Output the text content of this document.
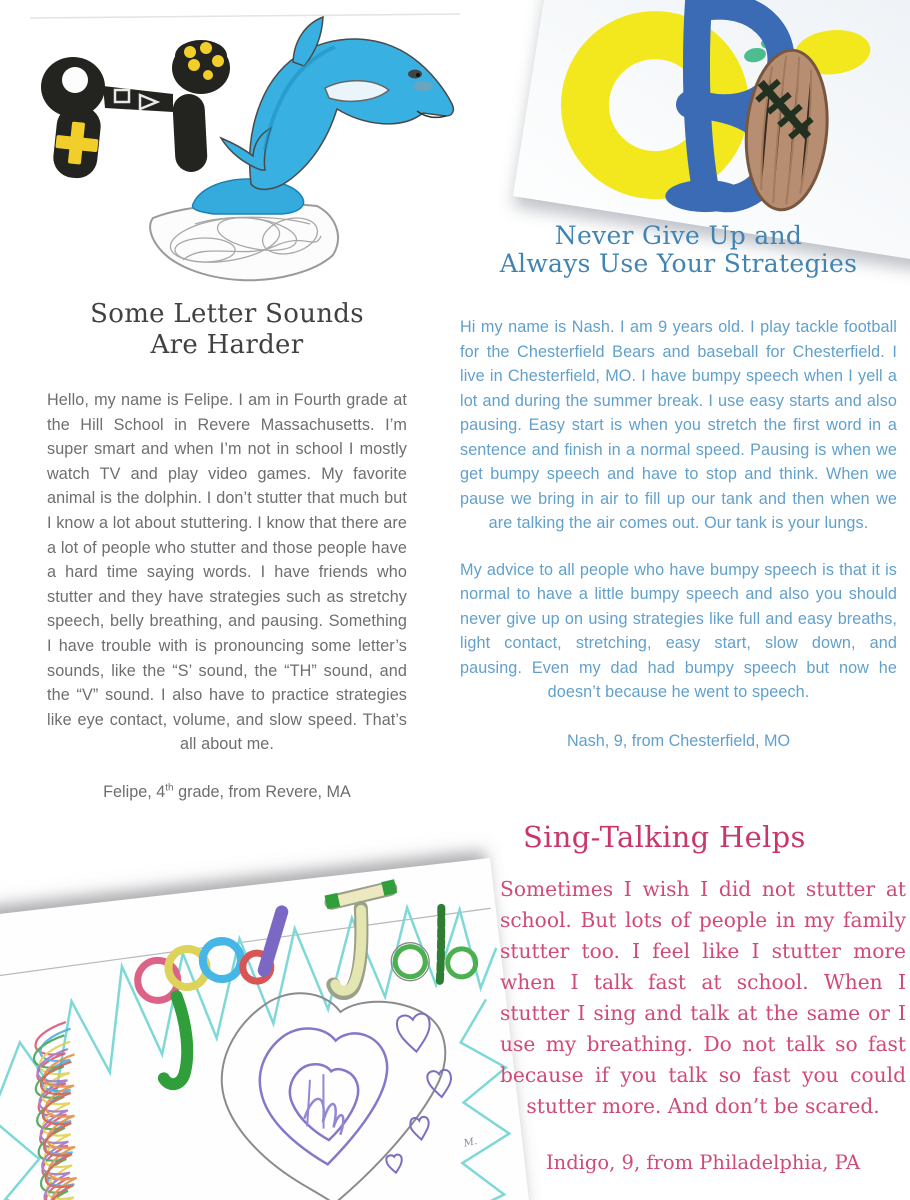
M.
Some Letter Sounds
Are Harder
Hello, my name is Felipe. I am in Fourth grade at the Hill School in Revere Massachusetts. I’m super smart and when I’m not in school I mostly watch TV and play video games. My favorite animal is the dolphin. I don’t stutter that much but I know a lot about stuttering. I know that there are a lot of people who stutter and those people have a hard time saying words. I have friends who stutter and they have strategies such as stretchy speech, belly breathing, and pausing. Something I have trouble with is pronouncing some letter’s sounds, like the “S’ sound, the “TH” sound, and the “V” sound. I also have to practice strategies like eye contact, volume, and slow speed. That’s all about me.
Felipe, 4th grade, from Revere, MA
Never Give Up and
Always Use Your Strategies

Hi my name is Nash. I am 9 years old. I play tackle football for the Chesterfield Bears and baseball for Chesterfield. I live in Chesterfield, MO. I have bumpy speech when I yell a lot and during the summer break. I use easy starts and also pausing. Easy start is when you stretch the first word in a sentence and finish in a normal speed. Pausing is when we get bumpy speech and have to stop and think. When we pause we bring in air to fill up our tank and then when we are talking the air comes out. Our tank is your lungs.

My advice to all people who have bumpy speech is that it is normal to have a little bumpy speech and also you should never give up on using strategies like full and easy breaths, light contact, stretching, easy start, slow down, and pausing. Even my dad had bumpy speech but now he doesn’t because he went to speech.

Nash, 9, from Chesterfield, MO
Sing-Talking Helps
Sometimes I wish I did not stutter at school. But lots of people in my family stutter too. I feel like I stutter more when I talk fast at school. When I stutter I sing and talk at the same or I use my breathing. Do not talk so fast because if you talk so fast you could stutter more. And don’t be scared.
Indigo, 9, from Philadelphia, PA
